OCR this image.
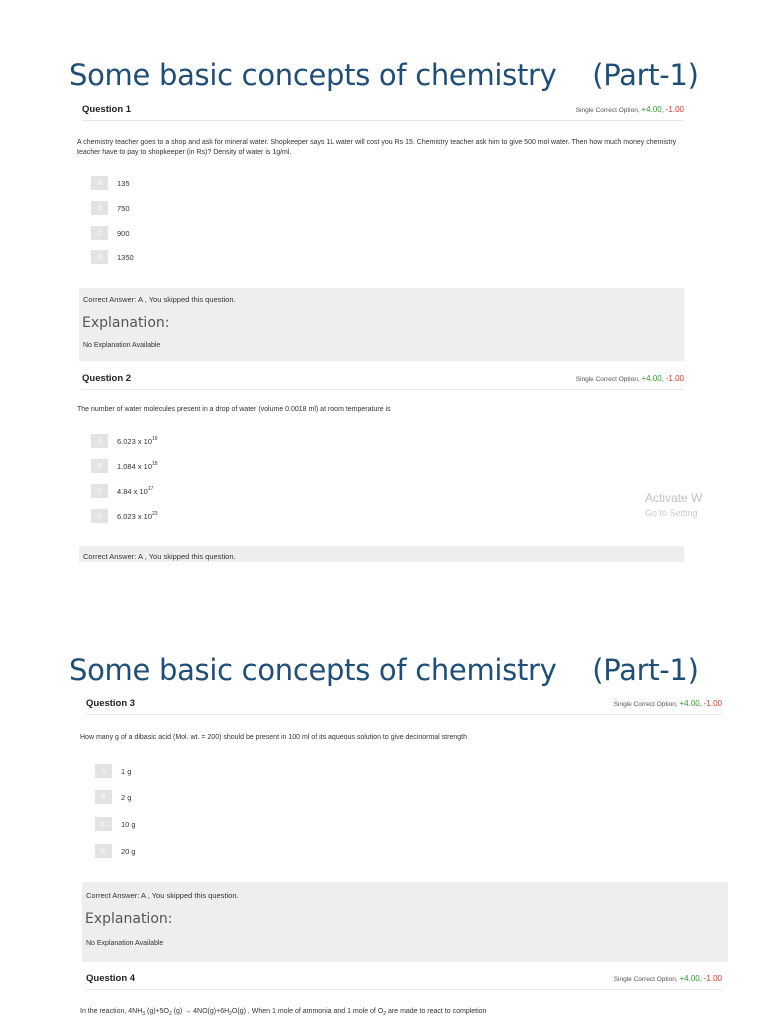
Some basic concepts of chemistry    (Part-1)
Question 1	Single Correct Option, +4.00, -1.00
A chemistry teacher goes to a shop and ask for mineral water. Shopkeeper says 1L water will cost you Rs 15. Chemistry teacher ask him to give 500 mol water. Then how much money chemistry teacher have to pay to shopkeeper (in Rs)? Density of water is 1g/ml.
A	135
B	750
C	900
D	1350
Correct Answer: A , You skipped this question.
Explanation:
No Explanation Available
Question 2	Single Correct Option, +4.00, -1.00
The number of water molecules present in a drop of water (volume 0.0018 ml) at room temperature is
A	6.023 x $10^{19}$
B	1.084 x $10^{18}$
C	4.84 x $10^{17}$
D	6.023 x $10^{23}$
Activate W
Go to Setting
Correct Answer: A , You skipped this question.
Some basic concepts of chemistry    (Part-1)
Question 3	Single Correct Option, +4.00, -1.00
How many g of a dibasic acid (Mol. wt. = 200) should be present in 100 ml of its aqueous solution to give decinormal strength
A	1 g
B	2 g
C	10 g
D	20 g
Correct Answer: A , You skipped this question.
Explanation:
No Explanation Available
Question 4	Single Correct Option, +4.00, -1.00
In the reaction, $4NH_3$ $(g)+5O_2$ $(g) \to 4NO(g)+6H_2O(g)$ , When 1 mole of ammonia and 1 mole of $O_2$ are made to react to completion
